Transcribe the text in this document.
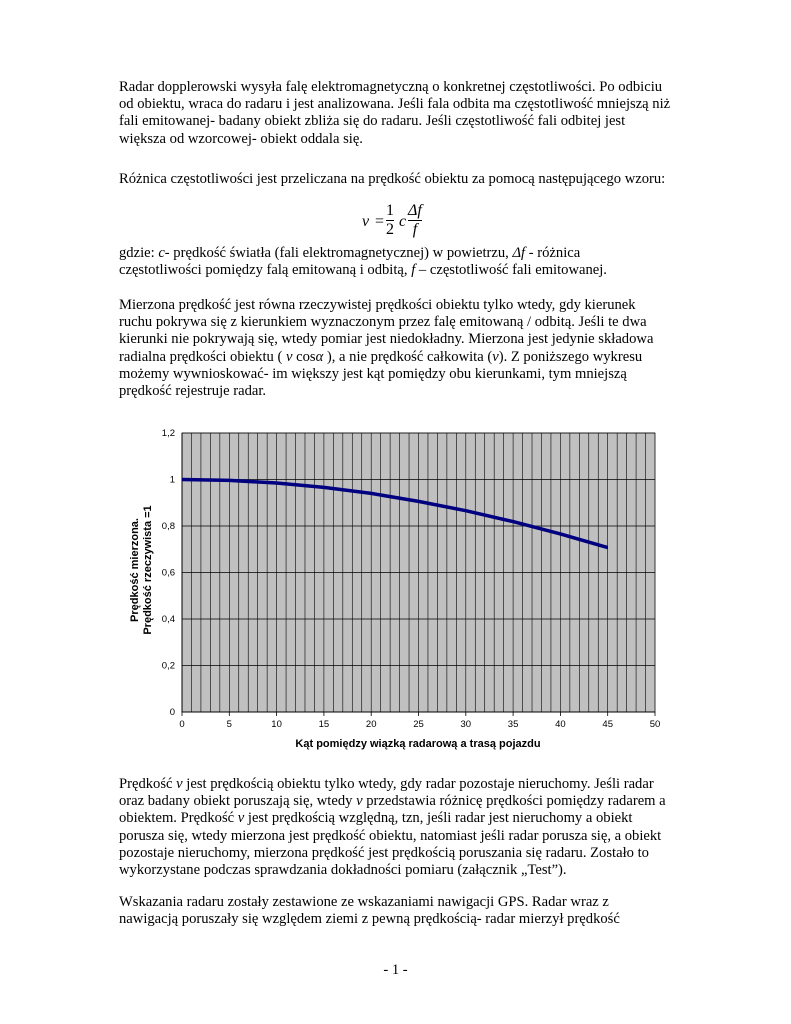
Radar dopplerowski wysyła falę elektromagnetyczną o konkretnej częstotliwości. Po odbiciu
od obiektu, wraca do radaru i jest analizowana. Jeśli fala odbita ma częstotliwość mniejszą niż
fali emitowanej- badany obiekt zbliża się do radaru. Jeśli częstotliwość fali odbitej jest
większa od wzorcowej- obiekt oddala się.
Różnica częstotliwości jest przeliczana na prędkość obiektu za pomocą następującego wzoru:
v =
1
2 c
Δf
f
gdzie: c- prędkość światła (fali elektromagnetycznej) w powietrzu, Δf - różnica
częstotliwości pomiędzy falą emitowaną i odbitą, f – częstotliwość fali emitowanej.
Mierzona prędkość jest równa rzeczywistej prędkości obiektu tylko wtedy, gdy kierunek
ruchu pokrywa się z kierunkiem wyznaczonym przez falę emitowaną / odbitą. Jeśli te dwa
kierunki nie pokrywają się, wtedy pomiar jest niedokładny. Mierzona jest jedynie składowa
radialna prędkości obiektu ( v cosα ), a nie prędkość całkowita (v). Z poniższego wykresu
możemy wywnioskować- im większy jest kąt pomiędzy obu kierunkami, tym mniejszą
prędkość rejestruje radar.
0
0,2
0,4
0,6
0,8
1
1,2
0	5	10	15	20	25	30	35	40	45	50
Prędkość mierzona. Prędkość rzeczywista =1
Kąt pomiędzy wiązką radarową a trasą pojazdu
Prędkość v jest prędkością obiektu tylko wtedy, gdy radar pozostaje nieruchomy. Jeśli radar
oraz badany obiekt poruszają się, wtedy v przedstawia różnicę prędkości pomiędzy radarem a
obiektem. Prędkość v jest prędkością względną, tzn, jeśli radar jest nieruchomy a obiekt
porusza się, wtedy mierzona jest prędkość obiektu, natomiast jeśli radar porusza się, a obiekt
pozostaje nieruchomy, mierzona prędkość jest prędkością poruszania się radaru. Zostało to
wykorzystane podczas sprawdzania dokładności pomiaru (załącznik „Test”).
Wskazania radaru zostały zestawione ze wskazaniami nawigacji GPS. Radar wraz z
nawigacją poruszały się względem ziemi z pewną prędkością- radar mierzył prędkość
- 1 -
